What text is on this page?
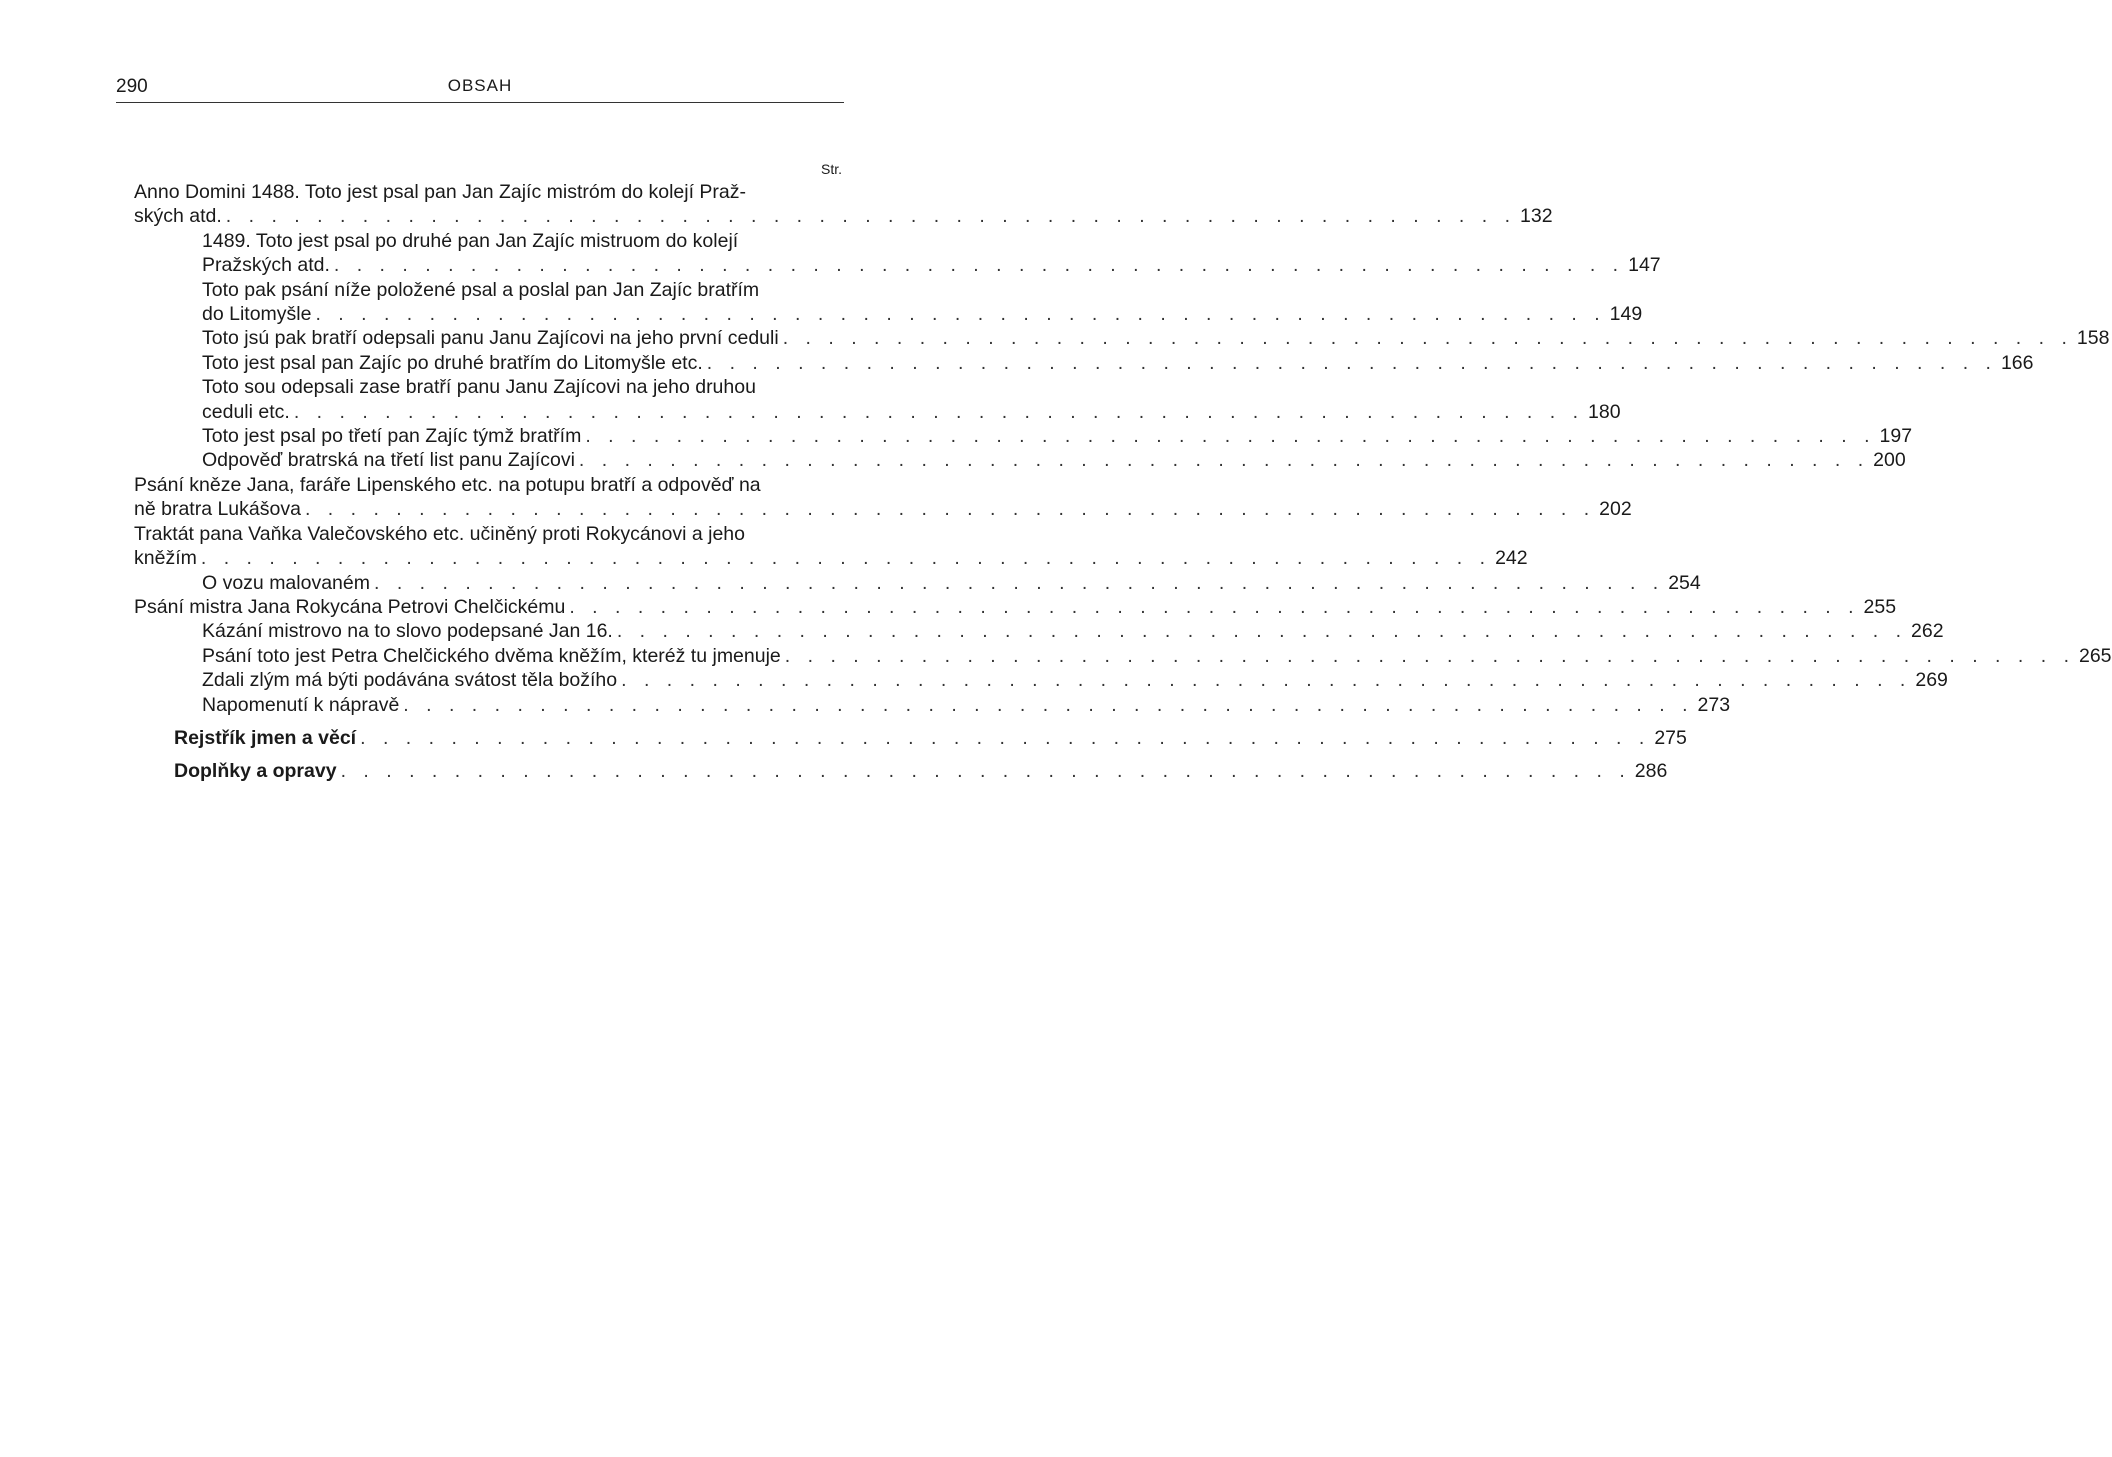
290	OBSAH
Str.
Anno Domini 1488. Toto jest psal pan Jan Zajíc mistróm do kolejí Praž-
ských atd. . . . . . . . . . . . . . . . . . . . . . . . . . . . . . . . . . . . . . . . . . . . . . . . . . . . . . . . . . 132
1489. Toto jest psal po druhé pan Jan Zajíc mistruom do kolejí
Pražských atd. . . . . . . . . . . . . . . . . . . . . . . . . . . . . . . . . . . . . . . . . . . . . . . . . . . . . . . . . . 147
Toto pak psání níže položené psal a poslal pan Jan Zajíc bratřím
do Litomyšle . . . . . . . . . . . . . . . . . . . . . . . . . . . . . . . . . . . . . . . . . . . . . . . . . . . . . . . . . 149
Toto jsú pak bratří odepsali panu Janu Zajícovi na jeho první ceduli . . . . . . . . . . . . . . . . . . . . . . . . . . . . . . . . . . . . . . . . . . . . . . . . . . . . . . . . . 158
Toto jest psal pan Zajíc po druhé bratřím do Litomyšle etc. . . . . . . . . . . . . . . . . . . . . . . . . . . . . . . . . . . . . . . . . . . . . . . . . . . . . . . . . . 166
Toto sou odepsali zase bratří panu Janu Zajícovi na jeho druhou
ceduli etc. . . . . . . . . . . . . . . . . . . . . . . . . . . . . . . . . . . . . . . . . . . . . . . . . . . . . . . . . . 180
Toto jest psal po třetí pan Zajíc týmž bratřím . . . . . . . . . . . . . . . . . . . . . . . . . . . . . . . . . . . . . . . . . . . . . . . . . . . . . . . . . 197
Odpověď bratrská na třetí list panu Zajícovi . . . . . . . . . . . . . . . . . . . . . . . . . . . . . . . . . . . . . . . . . . . . . . . . . . . . . . . . . 200
Psání kněze Jana, faráře Lipenského etc. na potupu bratří a odpověď na
ně bratra Lukášova . . . . . . . . . . . . . . . . . . . . . . . . . . . . . . . . . . . . . . . . . . . . . . . . . . . . . . . . . 202
Traktát pana Vaňka Valečovského etc. učiněný proti Rokycánovi a jeho
kněžím . . . . . . . . . . . . . . . . . . . . . . . . . . . . . . . . . . . . . . . . . . . . . . . . . . . . . . . . . 242
O vozu malovaném . . . . . . . . . . . . . . . . . . . . . . . . . . . . . . . . . . . . . . . . . . . . . . . . . . . . . . . . . 254
Psání mistra Jana Rokycána Petrovi Chelčickému . . . . . . . . . . . . . . . . . . . . . . . . . . . . . . . . . . . . . . . . . . . . . . . . . . . . . . . . . 255
Kázání mistrovo na to slovo podepsané Jan 16. . . . . . . . . . . . . . . . . . . . . . . . . . . . . . . . . . . . . . . . . . . . . . . . . . . . . . . . . . 262
Psání toto jest Petra Chelčického dvěma kněžím, kteréž tu jmenuje . . . . . . . . . . . . . . . . . . . . . . . . . . . . . . . . . . . . . . . . . . . . . . . . . . . . . . . . . 265
Zdali zlým má býti podávána svátost těla božího . . . . . . . . . . . . . . . . . . . . . . . . . . . . . . . . . . . . . . . . . . . . . . . . . . . . . . . . . 269
Napomenutí k nápravě . . . . . . . . . . . . . . . . . . . . . . . . . . . . . . . . . . . . . . . . . . . . . . . . . . . . . . . . . 273
Rejstřík jmen a věcí . . . . . . . . . . . . . . . . . . . . . . . . . . . . . . . . . . . . . . . . . . . . . . . . . . . . . . . . . 275
Doplňky a opravy . . . . . . . . . . . . . . . . . . . . . . . . . . . . . . . . . . . . . . . . . . . . . . . . . . . . . . . . . 286
